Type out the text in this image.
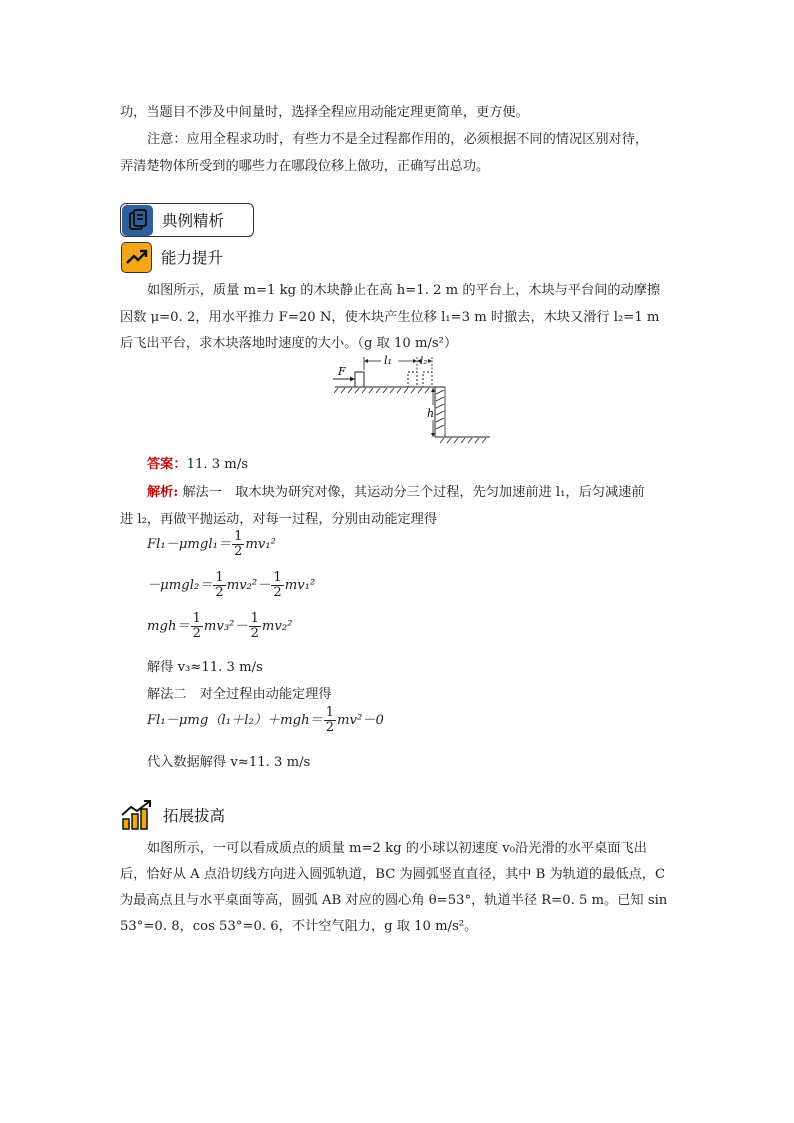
功，当题目不涉及中间量时，选择全程应用动能定理更简单，更方便。
注意：应用全程求功时，有些力不是全过程都作用的，必须根据不同的情况区别对待，
弄清楚物体所受到的哪些力在哪段位移上做功，正确写出总功。
典例精析
能力提升
如图所示，质量 m=1 kg 的木块静止在高 h=1. 2 m 的平台上，木块与平台间的动摩擦
因数 μ=0. 2，用水平推力 F=20 N，使木块产生位移 l₁=3 m 时撤去，木块又滑行 l₂=1 m
后飞出平台，求木块落地时速度的大小。（g 取 10 m/s²）
F
l₁	l₂
h
答案：11. 3 m/s
解析: 解法一　取木块为研究对像，其运动分三个过程，先匀加速前进 l₁，后匀减速前
进 l₂，再做平抛运动，对每一过程，分别由动能定理得
$Fl_1-\mu mgl_1= \frac{1}{2} mv_1^2$
$-\mu mgl_2= \frac{1}{2} mv_2^2- \frac{1}{2} mv_1^2$
$mgh= \frac{1}{2} mv_3^2- \frac{1}{2} mv_2^2$
解得 v₃≈11. 3 m/s
解法二　对全过程由动能定理得
$Fl_1-\mu mg(l_1+l_2)+mgh= \frac{1}{2} mv^2-0$
代入数据解得 v≈11. 3 m/s
拓展拔高
如图所示，一可以看成质点的质量 m=2 kg 的小球以初速度 v₀沿光滑的水平桌面飞出
后，恰好从 A 点沿切线方向进入圆弧轨道，BC 为圆弧竖直直径，其中 B 为轨道的最低点，C
为最高点且与水平桌面等高，圆弧 AB 对应的圆心角 θ=53°，轨道半径 R=0. 5 m。已知 sin
53°=0. 8，cos 53°=0. 6，不计空气阻力，g 取 10 m/s²。
